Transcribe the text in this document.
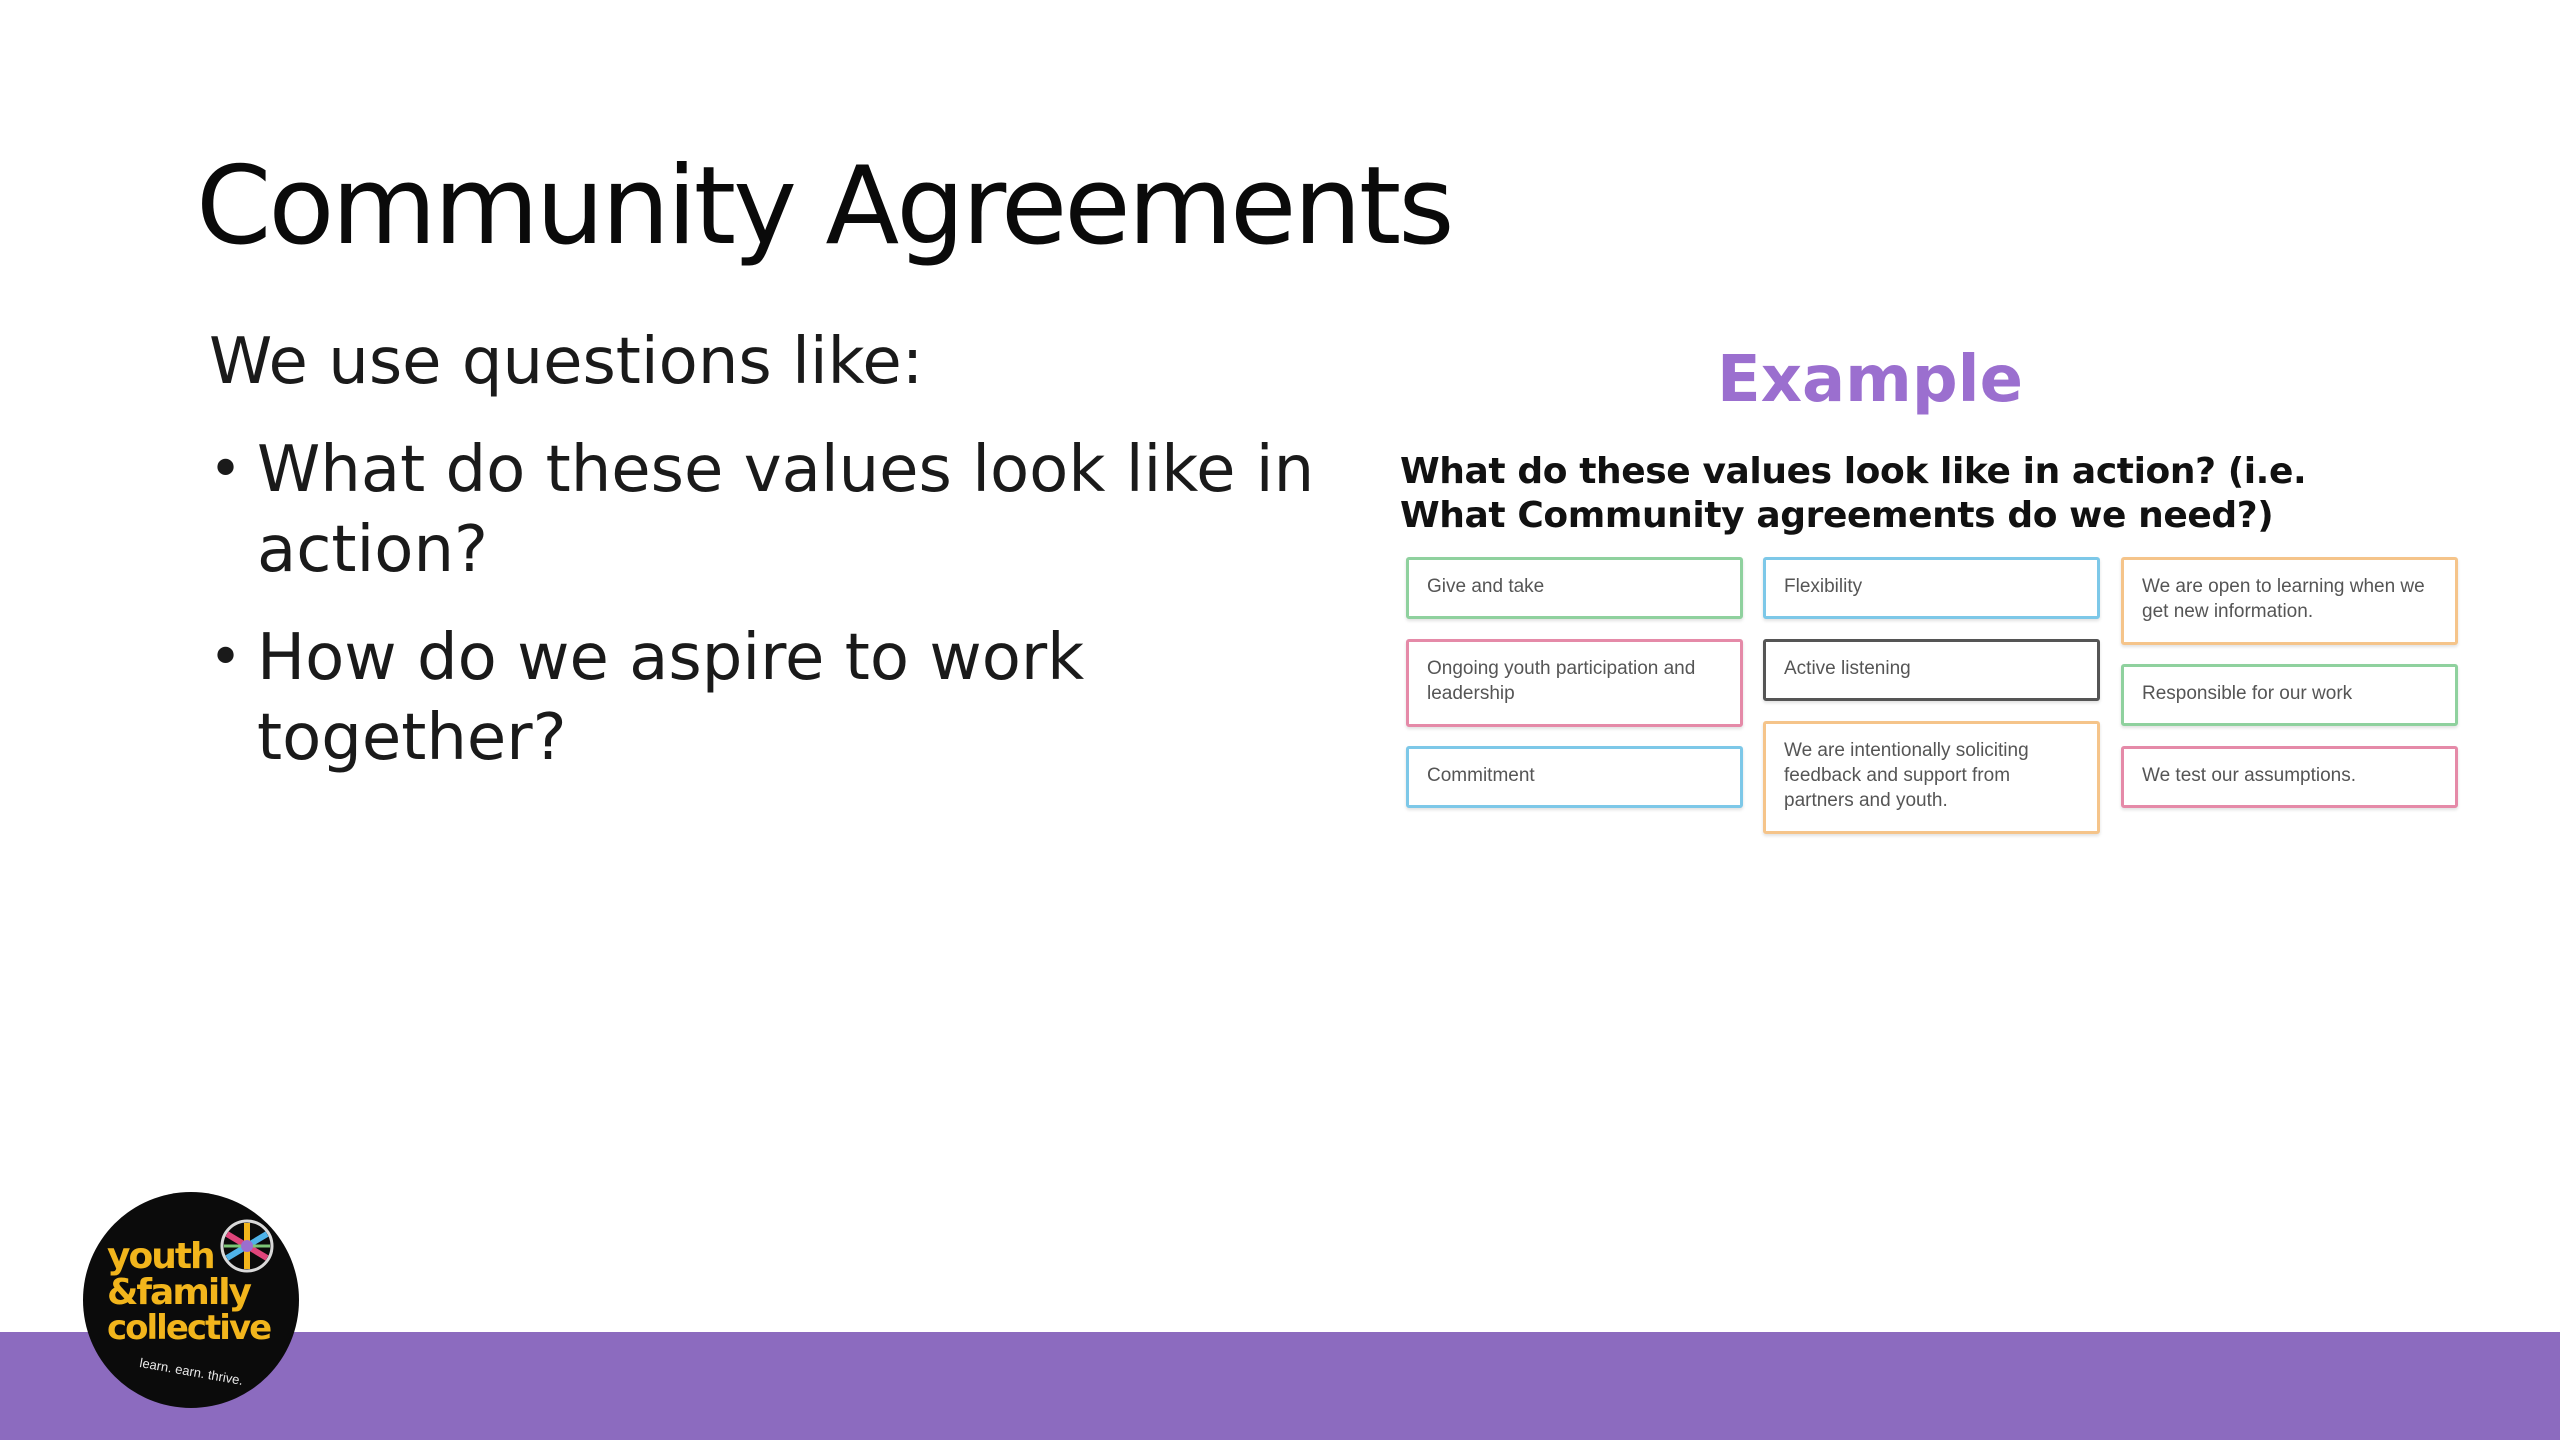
Community Agreements

We use questions like:

• What do these values look like in action?
• How do we aspire to work together?
Example

What do these values look like in action? (i.e.
What Community agreements do we need?)

Give and take
Ongoing youth participation and leadership
Commitment
Flexibility
Active listening
We are intentionally soliciting feedback and support from partners and youth.
We are open to learning when we get new information.
Responsible for our work
We test our assumptions.
youth
&family
collective
learn. earn. thrive.
